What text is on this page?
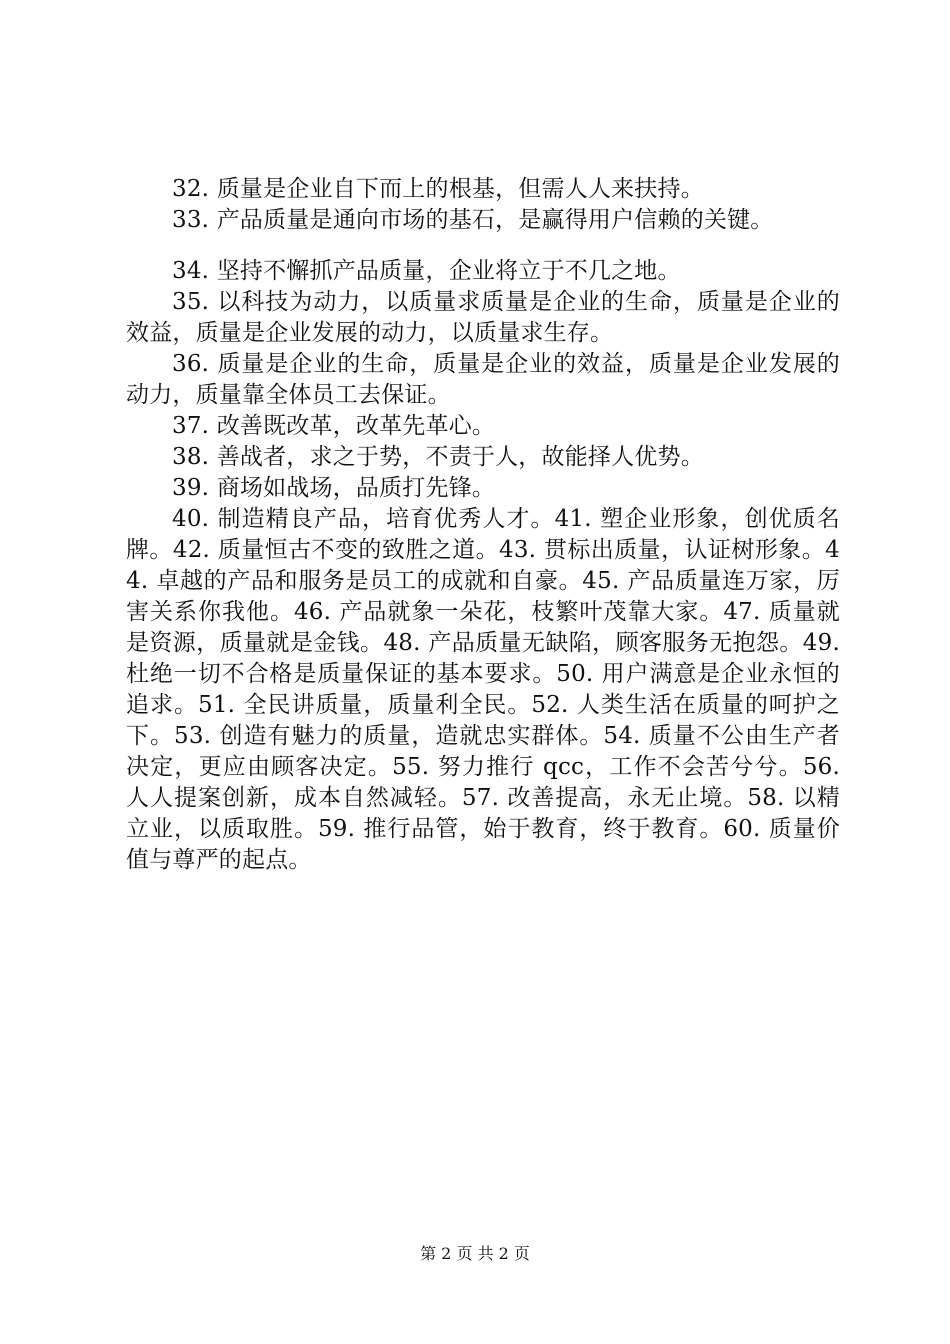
32. 质量是企业自下而上的根基，但需人人来扶持。

33. 产品质量是通向市场的基石，是赢得用户信赖的关键。

34. 坚持不懈抓产品质量，企业将立于不几之地。

35. 以科技为动力，以质量求质量是企业的生命，质量是企业的效益，质量是企业发展的动力，以质量求生存。

36. 质量是企业的生命，质量是企业的效益，质量是企业发展的动力，质量靠全体员工去保证。

37. 改善既改革，改革先革心。

38. 善战者，求之于势，不责于人，故能择人优势。

39. 商场如战场，品质打先锋。

40. 制造精良产品，培育优秀人才。41. 塑企业形象，创优质名牌。42. 质量恒古不变的致胜之道。43. 贯标出质量，认证树形象。44. 卓越的产品和服务是员工的成就和自豪。45. 产品质量连万家，厉害关系你我他。46. 产品就象一朵花，枝繁叶茂靠大家。47. 质量就是资源，质量就是金钱。48. 产品质量无缺陷，顾客服务无抱怨。49. 杜绝一切不合格是质量保证的基本要求。50. 用户满意是企业永恒的追求。51. 全民讲质量，质量利全民。52. 人类生活在质量的呵护之下。53. 创造有魅力的质量，造就忠实群体。54. 质量不公由生产者决定，更应由顾客决定。55. 努力推行 qcc，工作不会苦兮兮。56. 人人提案创新，成本自然减轻。57. 改善提高，永无止境。58. 以精立业，以质取胜。59. 推行品管，始于教育，终于教育。60. 质量价值与尊严的起点。

第 2 页 共 2 页
